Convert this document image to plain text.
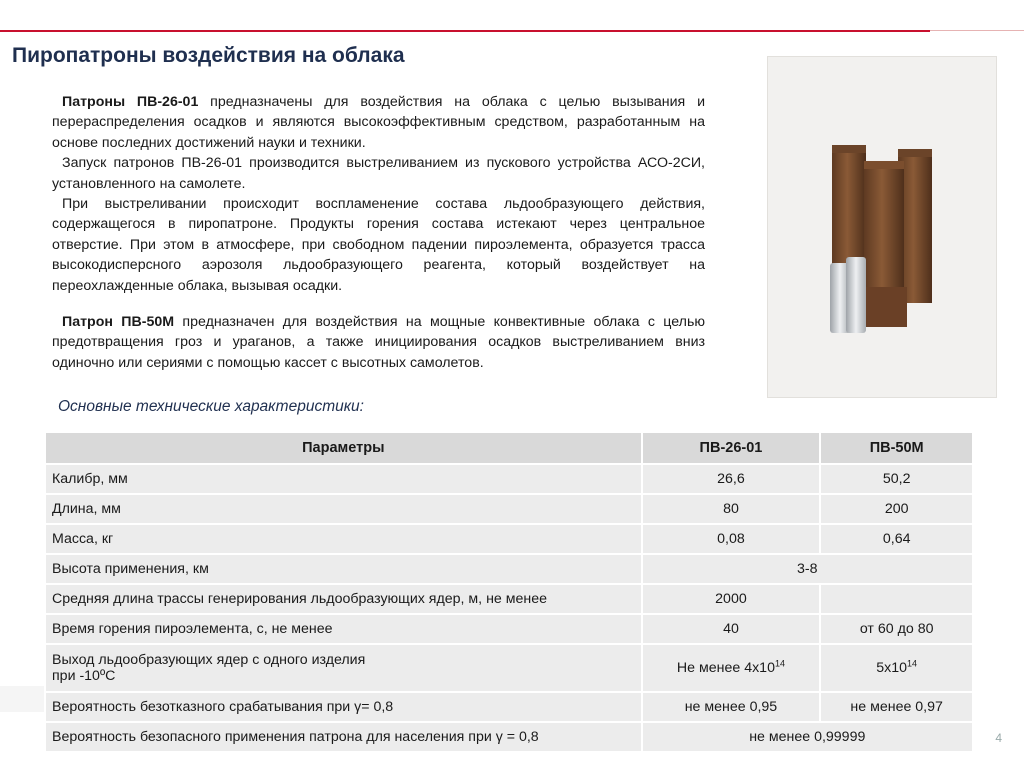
Пиропатроны воздействия на облака

Патроны ПВ-26-01 предназначены для воздействия на облака с целью вызывания и перераспределения осадков и являются высокоэффективным средством, разработанным на основе последних достижений науки и техники.

Запуск патронов ПВ-26-01 производится выстреливанием из пускового устройства АСО-2СИ, установленного на самолете.

При выстреливании происходит воспламенение состава льдообразующего действия, содержащегося в пиропатроне. Продукты горения состава истекают через центральное отверстие. При этом в атмосфере, при свободном падении пироэлемента, образуется трасса высокодисперсного аэрозоля льдообразующего реагента, который воздействует на переохлажденные облака, вызывая осадки.

Патрон ПВ-50М предназначен для воздействия на мощные конвективные облака с целью предотвращения гроз и ураганов, а также инициирования осадков выстреливанием вниз одиночно или сериями с помощью кассет с высотных самолетов.

Основные технические характеристики:
Параметры	ПВ-26-01	ПВ-50М
Калибр, мм	26,6	50,2
Длина, мм	80	200
Масса, кг	0,08	0,64
Высота применения, км	3-8	
Средняя длина трассы генерирования льдообразующих ядер, м, не менее	2000	
Время горения пироэлемента, с, не менее	40	от 60 до 80

Выход льдообразующих ядер с одного изделия
при -10ºС	Не менее $4х10^{14}$	$5х10^{14}$
Вероятность безотказного срабатывания при γ= 0,8	не менее 0,95	не менее 0,97
Вероятность безопасного применения патрона для населения при γ = 0,8	не менее 0,99999		4
